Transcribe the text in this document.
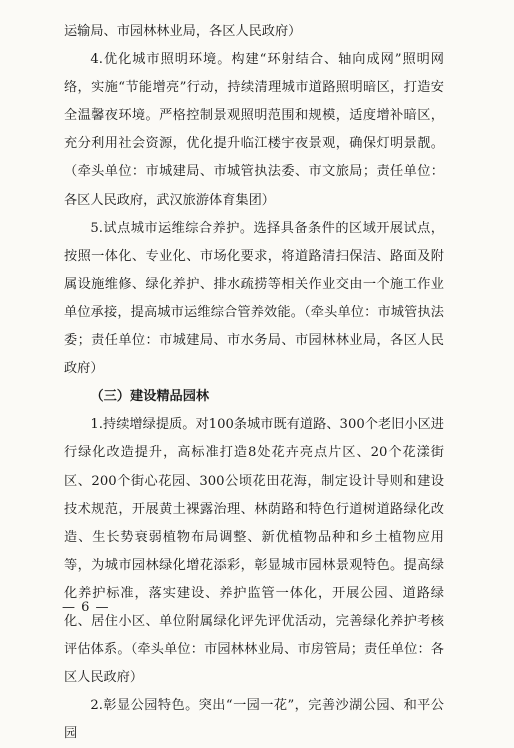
运输局、市园林林业局，各区人民政府）

4.优化城市照明环境。构建“环射结合、轴向成网”照明网络，实施“节能增亮”行动，持续清理城市道路照明暗区，打造安全温馨夜环境。严格控制景观照明范围和规模，适度增补暗区，充分利用社会资源，优化提升临江楼宇夜景观，确保灯明景靓。（牵头单位：市城建局、市城管执法委、市文旅局；责任单位：各区人民政府，武汉旅游体育集团）

5.试点城市运维综合养护。选择具备条件的区域开展试点，按照一体化、专业化、市场化要求，将道路清扫保洁、路面及附属设施维修、绿化养护、排水疏捞等相关作业交由一个施工作业单位承接，提高城市运维综合管养效能。（牵头单位：市城管执法委；责任单位：市城建局、市水务局、市园林林业局，各区人民政府）

（三）建设精品园林

1.持续增绿提质。对100条城市既有道路、300个老旧小区进行绿化改造提升，高标准打造8处花卉亮点片区、20个花漾街区、200个街心花园、300公顷花田花海，制定设计导则和建设技术规范，开展黄土裸露治理、林荫路和特色行道树道路绿化改造、生长势衰弱植物布局调整、新优植物品种和乡土植物应用等，为城市园林绿化增花添彩，彰显城市园林景观特色。提高绿化养护标准，落实建设、养护监管一体化，开展公园、道路绿化、居住小区、单位附属绿化评先评优活动，完善绿化养护考核评估体系。（牵头单位：市园林林业局、市房管局；责任单位：各区人民政府）

2.彰显公园特色。突出“一园一花”，完善沙湖公园、和平公园

— 6 —
